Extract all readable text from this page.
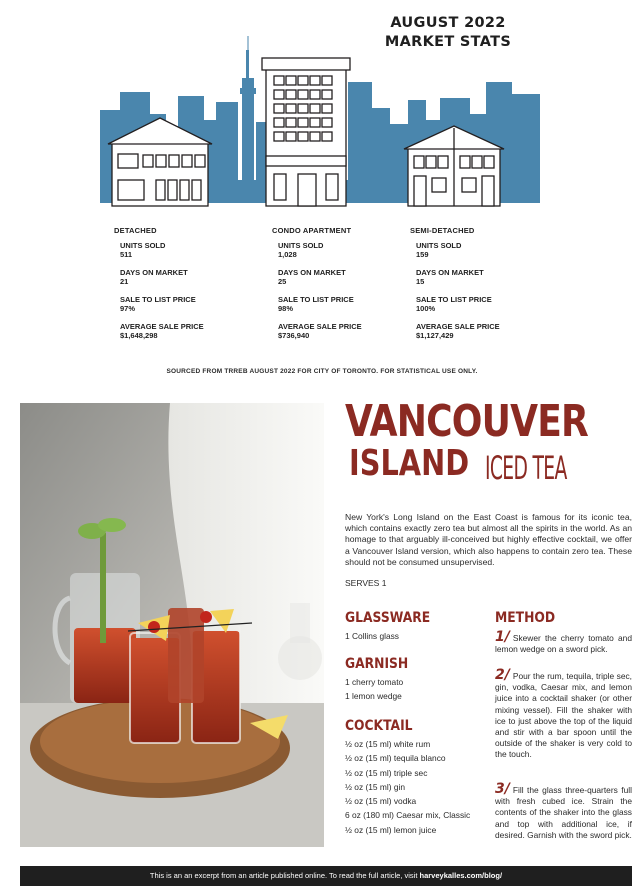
AUGUST 2022
MARKET STATS
DETACHED
UNITS SOLD
511
DAYS ON MARKET
21
SALE TO LIST PRICE
97%
AVERAGE SALE PRICE
$1,648,298
CONDO APARTMENT
UNITS SOLD
1,028
DAYS ON MARKET
25
SALE TO LIST PRICE
98%
AVERAGE SALE PRICE
$736,940
SEMI-DETACHED
UNITS SOLD
159
DAYS ON MARKET
15
SALE TO LIST PRICE
100%
AVERAGE SALE PRICE
$1,127,429
SOURCED FROM TRREB AUGUST 2022 FOR CITY OF TORONTO. FOR STATISTICAL USE ONLY.
VANCOUVER
ISLAND ICED TEA
New York's Long Island on the East Coast is famous for its iconic tea, which contains exactly zero tea but almost all the spirits in the world. As an homage to that arguably ill-conceived but highly effective cocktail, we offer a Vancouver Island version, which also happens to contain zero tea. These should not be consumed unsupervised.
SERVES 1
GLASSWARE
1 Collins glass
GARNISH
1 cherry tomato
1 lemon wedge
COCKTAIL
½ oz (15 ml) white rum
½ oz (15 ml) tequila blanco
½ oz (15 ml) triple sec
½ oz (15 ml) gin
½ oz (15 ml) vodka
6 oz (180 ml) Caesar mix, Classic
½ oz (15 ml) lemon juice
METHOD
1/ Skewer the cherry tomato and lemon wedge on a sword pick.
2/ Pour the rum, tequila, triple sec, gin, vodka, Caesar mix, and lemon juice into a cocktail shaker (or other mixing vessel). Fill the shaker with ice to just above the top of the liquid and stir with a bar spoon until the outside of the shaker is very cold to the touch.
3/ Fill the glass three-quarters full with fresh cubed ice. Strain the contents of the shaker into the glass and top with additional ice, if desired. Garnish with the sword pick.
This is an an excerpt from an article published online. To read the full article, visit harveykalles.com/blog/
